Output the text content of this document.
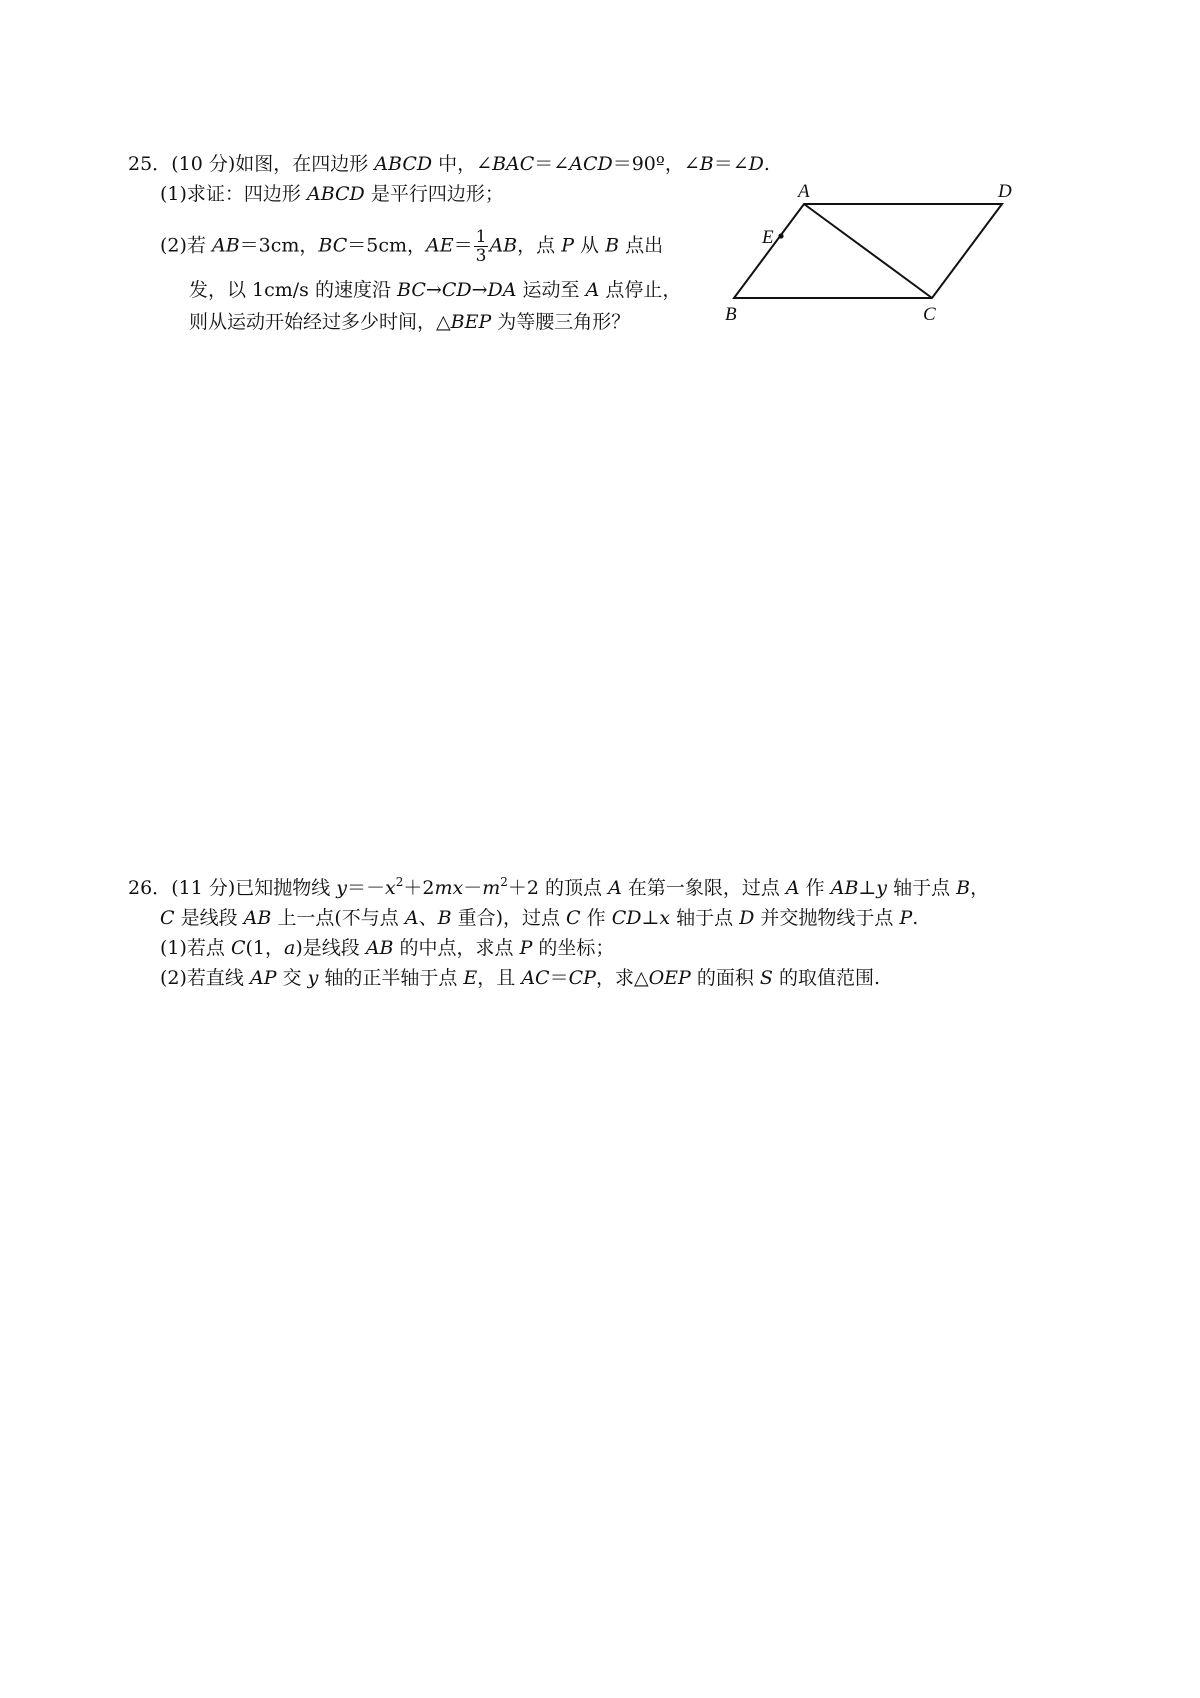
25．(10 分)如图，在四边形 ABCD 中，∠BAC＝∠ACD＝90º，∠B＝∠D.
(1)求证：四边形 ABCD 是平行四边形；
(2)若 AB＝3cm，BC＝5cm，$AE= \frac{1}{3}$ AB，点 P 从 B 点出
发，以 1cm/s 的速度沿 BC→CD→DA 运动至 A 点停止，
则从运动开始经过多少时间，△BEP 为等腰三角形？
A	D
E
B	C
26．(11 分)已知抛物线 $y=-x^2+2mx-m^2+2$ 的顶点 A 在第一象限，过点 A 作 AB⊥y 轴于点 B，
C 是线段 AB 上一点(不与点 A、B 重合)，过点 C 作 CD⊥x 轴于点 D 并交抛物线于点 P.
(1)若点 C(1，a)是线段 AB 的中点，求点 P 的坐标；
(2)若直线 AP 交 y 轴的正半轴于点 E，且 AC＝CP，求△OEP 的面积 S 的取值范围.
